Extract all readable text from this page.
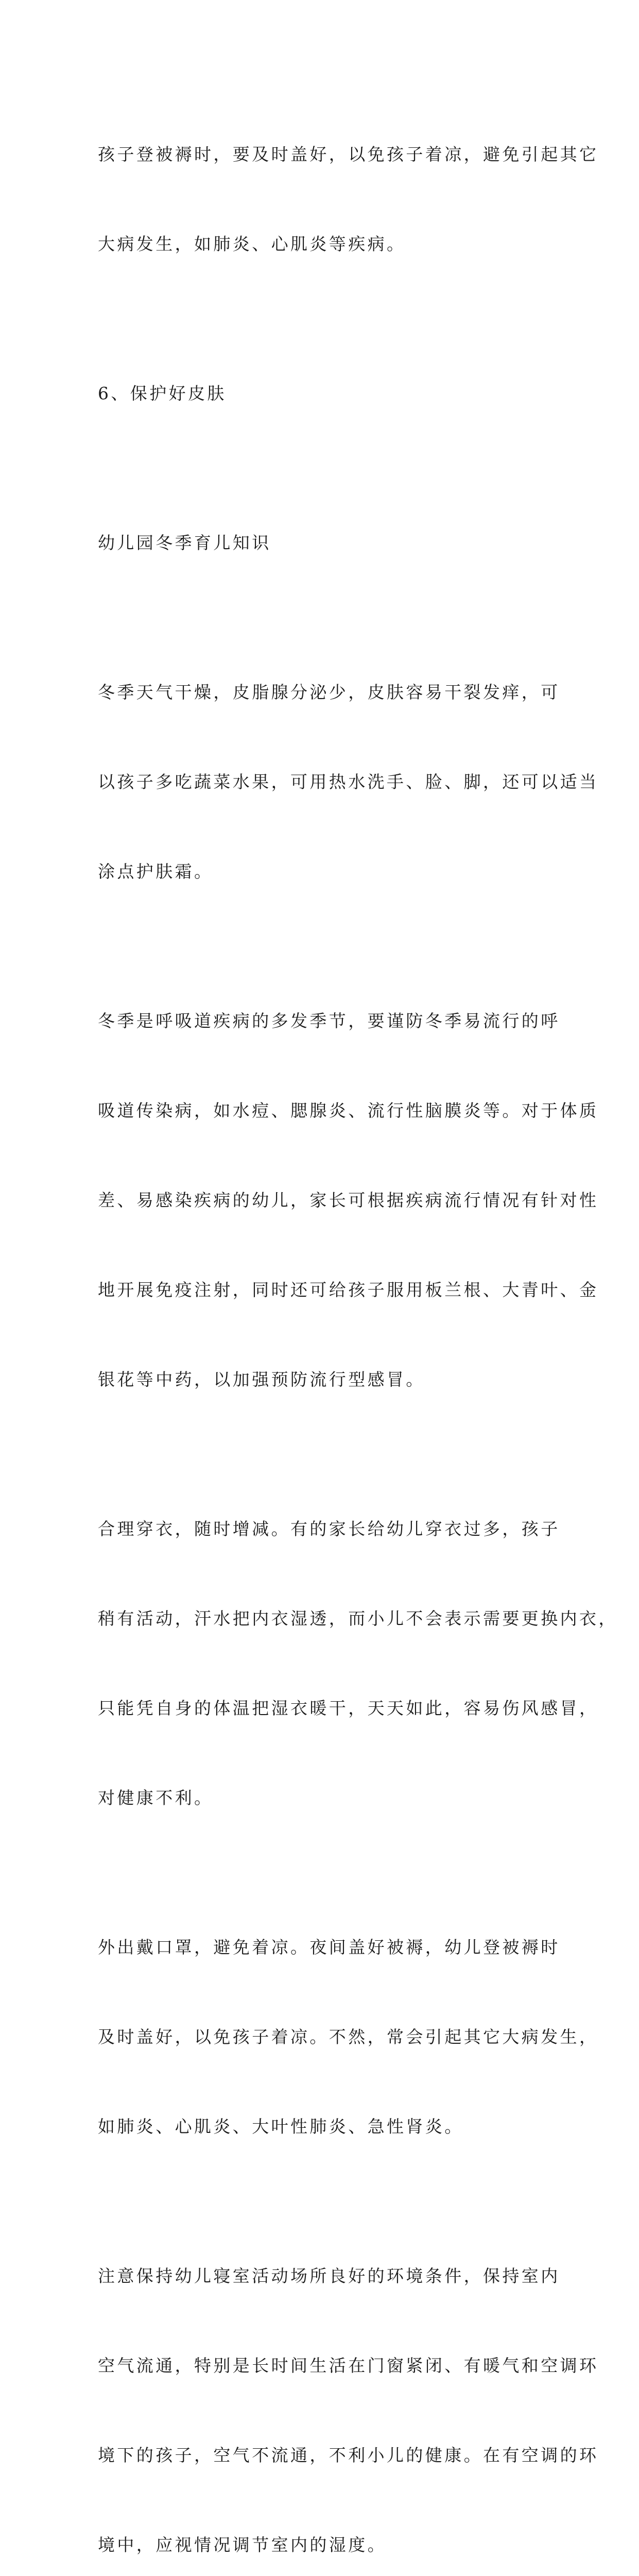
孩子登被褥时，要及时盖好，以免孩子着凉，避免引起其它

大病发生，如肺炎、心肌炎等疾病。

6、保护好皮肤

幼儿园冬季育儿知识

冬季天气干燥，皮脂腺分泌少，皮肤容易干裂发痒，可

以孩子多吃蔬菜水果，可用热水洗手、脸、脚，还可以适当

涂点护肤霜。

冬季是呼吸道疾病的多发季节，要谨防冬季易流行的呼

吸道传染病，如水痘、腮腺炎、流行性脑膜炎等。对于体质

差、易感染疾病的幼儿，家长可根据疾病流行情况有针对性

地开展免疫注射，同时还可给孩子服用板兰根、大青叶、金

银花等中药，以加强预防流行型感冒。

合理穿衣，随时增减。有的家长给幼儿穿衣过多，孩子

稍有活动，汗水把内衣湿透，而小儿不会表示需要更换内衣，

只能凭自身的体温把湿衣暖干，天天如此，容易伤风感冒，

对健康不利。

外出戴口罩，避免着凉。夜间盖好被褥，幼儿登被褥时

及时盖好，以免孩子着凉。不然，常会引起其它大病发生，

如肺炎、心肌炎、大叶性肺炎、急性肾炎。

注意保持幼儿寝室活动场所良好的环境条件，保持室内

空气流通，特别是长时间生活在门窗紧闭、有暖气和空调环

境下的孩子，空气不流通，不利小儿的健康。在有空调的环

境中，应视情况调节室内的湿度。
